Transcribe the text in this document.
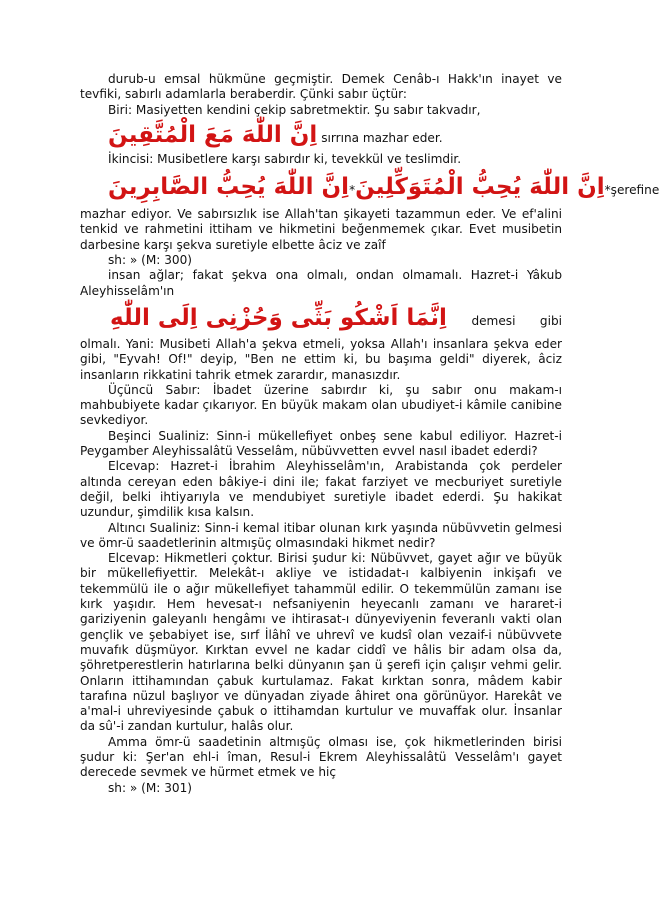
durub-u emsal hükmüne geçmiştir. Demek Cenâb-ı Hakk'ın inayet ve tevfiki, sabırlı adamlarla beraberdir. Çünki sabır üçtür:

Biri: Masiyetten kendini çekip sabretmektir. Şu sabır takvadır,

اِنَّ اللّٰهَ مَعَ الْمُتَّقِينَ sırrına mazhar eder.

İkincisi: Musibetlere karşı sabırdır ki, tevekkül ve teslimdir.

اِنَّ اللّٰهَ يُحِبُّ الصَّابِرِينَ*اِنَّ اللّٰهَ يُحِبُّ الْمُتَوَكِّلِينَ *şerefine

mazhar ediyor. Ve sabırsızlık ise Allah'tan şikayeti tazammun eder. Ve ef'alini tenkid ve rahmetini ittiham ve hikmetini beğenmemek çıkar. Evet musibetin darbesine karşı şekva suretiyle elbette âciz ve zaîf

sh: » (M: 300)

insan ağlar; fakat şekva ona olmalı, ondan olmamalı. Hazret-i Yâkub Aleyhisselâm'ın

اِنَّمَا اَشْكُو بَثِّى وَحُزْنِى اِلَى اللّٰهِ demesi gibi olmalı. Yani: Musibeti Allah'a şekva etmeli, yoksa Allah'ı insanlara şekva eder gibi, "Eyvah! Of!" deyip, "Ben ne ettim ki, bu başıma geldi" diyerek, âciz insanların rikkatini tahrik etmek zarardır, manasızdır.

Üçüncü Sabır: İbadet üzerine sabırdır ki, şu sabır onu makam-ı mahbubiyete kadar çıkarıyor. En büyük makam olan ubudiyet-i kâmile canibine sevkediyor.

Beşinci Sualiniz: Sinn-i mükellefiyet onbeş sene kabul ediliyor. Hazret-i Peygamber Aleyhissalâtü Vesselâm, nübüvvetten evvel nasıl ibadet ederdi?

Elcevap: Hazret-i İbrahim Aleyhisselâm'ın, Arabistanda çok perdeler altında cereyan eden bâkiye-i dini ile; fakat farziyet ve mecburiyet suretiyle değil, belki ihtiyarıyla ve mendubiyet suretiyle ibadet ederdi. Şu hakikat uzundur, şimdilik kısa kalsın.

Altıncı Sualiniz: Sinn-i kemal itibar olunan kırk yaşında nübüvvetin gelmesi ve ömr-ü saadetlerinin altmışüç olmasındaki hikmet nedir?

Elcevap: Hikmetleri çoktur. Birisi şudur ki: Nübüvvet, gayet ağır ve büyük bir mükellefiyettir. Melekât-ı akliye ve istidadat-ı kalbiyenin inkişafı ve tekemmülü ile o ağır mükellefiyet tahammül edilir. O tekemmülün zamanı ise kırk yaşıdır. Hem hevesat-ı nefsaniyenin heyecanlı zamanı ve hararet-i gariziyenin galeyanlı hengâmı ve ihtirasat-ı dünyeviyenin feveranlı vakti olan gençlik ve şebabiyet ise, sırf İlâhî ve uhrevî ve kudsî olan vezaif-i nübüvvete muvafık düşmüyor. Kırktan evvel ne kadar ciddî ve hâlis bir adam olsa da, şöhretperestlerin hatırlarına belki dünyanın şan ü şerefi için çalışır vehmi gelir. Onların ittihamından çabuk kurtulamaz. Fakat kırktan sonra, mâdem kabir tarafına nüzul başlıyor ve dünyadan ziyade âhiret ona görünüyor. Harekât ve a'mal-i uhreviyesinde çabuk o ittihamdan kurtulur ve muvaffak olur. İnsanlar da sû'-i zandan kurtulur, halâs olur.

Amma ömr-ü saadetinin altmışüç olması ise, çok hikmetlerinden birisi şudur ki: Şer'an ehl-i îman, Resul-i Ekrem Aleyhissalâtü Vesselâm'ı gayet derecede sevmek ve hürmet etmek ve hiç

sh: » (M: 301)
